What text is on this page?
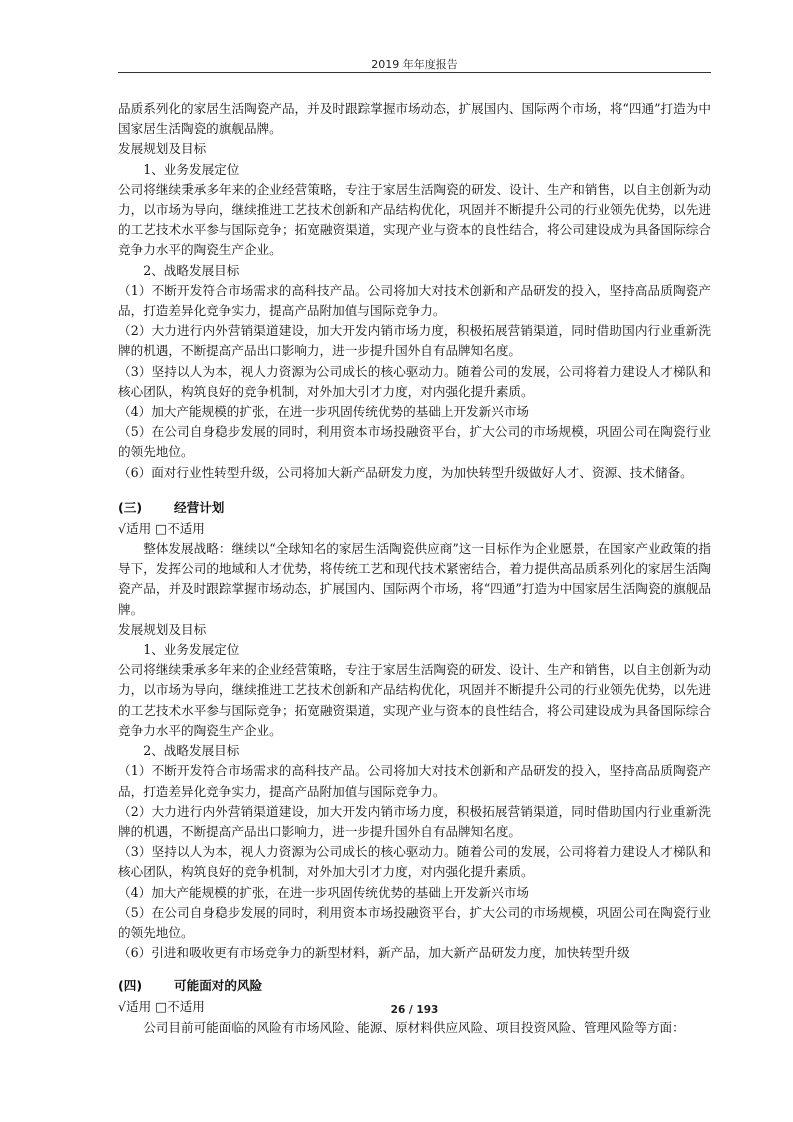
2019 年年度报告

品质系列化的家居生活陶瓷产品，并及时跟踪掌握市场动态，扩展国内、国际两个市场，将“四通”打造为中国家居生活陶瓷的旗舰品牌。

发展规划及目标

1、业务发展定位

公司将继续秉承多年来的企业经营策略，专注于家居生活陶瓷的研发、设计、生产和销售，以自主创新为动力，以市场为导向，继续推进工艺技术创新和产品结构优化，巩固并不断提升公司的行业领先优势，以先进的工艺技术水平参与国际竞争；拓宽融资渠道，实现产业与资本的良性结合，将公司建设成为具备国际综合竞争力水平的陶瓷生产企业。

2、战略发展目标

（1）不断开发符合市场需求的高科技产品。公司将加大对技术创新和产品研发的投入，坚持高品质陶瓷产品，打造差异化竞争实力，提高产品附加值与国际竞争力。

（2）大力进行内外营销渠道建设，加大开发内销市场力度，积极拓展营销渠道，同时借助国内行业重新洗牌的机遇，不断提高产品出口影响力，进一步提升国外自有品牌知名度。

（3）坚持以人为本，视人力资源为公司成长的核心驱动力。随着公司的发展，公司将着力建设人才梯队和核心团队，构筑良好的竞争机制，对外加大引才力度，对内强化提升素质。

（4）加大产能规模的扩张，在进一步巩固传统优势的基础上开发新兴市场

（5）在公司自身稳步发展的同时，利用资本市场投融资平台，扩大公司的市场规模，巩固公司在陶瓷行业的领先地位。

（6）面对行业性转型升级，公司将加大新产品研发力度，为加快转型升级做好人才、资源、技术储备。

(三)	经营计划

√适用 □不适用

整体发展战略：继续以“全球知名的家居生活陶瓷供应商”这一目标作为企业愿景，在国家产业政策的指导下，发挥公司的地域和人才优势，将传统工艺和现代技术紧密结合，着力提供高品质系列化的家居生活陶瓷产品，并及时跟踪掌握市场动态，扩展国内、国际两个市场，将“四通”打造为中国家居生活陶瓷的旗舰品牌。

发展规划及目标

1、业务发展定位

公司将继续秉承多年来的企业经营策略，专注于家居生活陶瓷的研发、设计、生产和销售，以自主创新为动力，以市场为导向，继续推进工艺技术创新和产品结构优化，巩固并不断提升公司的行业领先优势，以先进的工艺技术水平参与国际竞争；拓宽融资渠道，实现产业与资本的良性结合，将公司建设成为具备国际综合竞争力水平的陶瓷生产企业。

2、战略发展目标

（1）不断开发符合市场需求的高科技产品。公司将加大对技术创新和产品研发的投入，坚持高品质陶瓷产品，打造差异化竞争实力，提高产品附加值与国际竞争力。

（2）大力进行内外营销渠道建设，加大开发内销市场力度，积极拓展营销渠道，同时借助国内行业重新洗牌的机遇，不断提高产品出口影响力，进一步提升国外自有品牌知名度。

（3）坚持以人为本，视人力资源为公司成长的核心驱动力。随着公司的发展，公司将着力建设人才梯队和核心团队，构筑良好的竞争机制，对外加大引才力度，对内强化提升素质。

（4）加大产能规模的扩张，在进一步巩固传统优势的基础上开发新兴市场

（5）在公司自身稳步发展的同时，利用资本市场投融资平台，扩大公司的市场规模，巩固公司在陶瓷行业的领先地位。

（6）引进和吸收更有市场竞争力的新型材料，新产品，加大新产品研发力度，加快转型升级

(四)	可能面对的风险

√适用 □不适用

公司目前可能面临的风险有市场风险、能源、原材料供应风险、项目投资风险、管理风险等方面：

26 / 193
